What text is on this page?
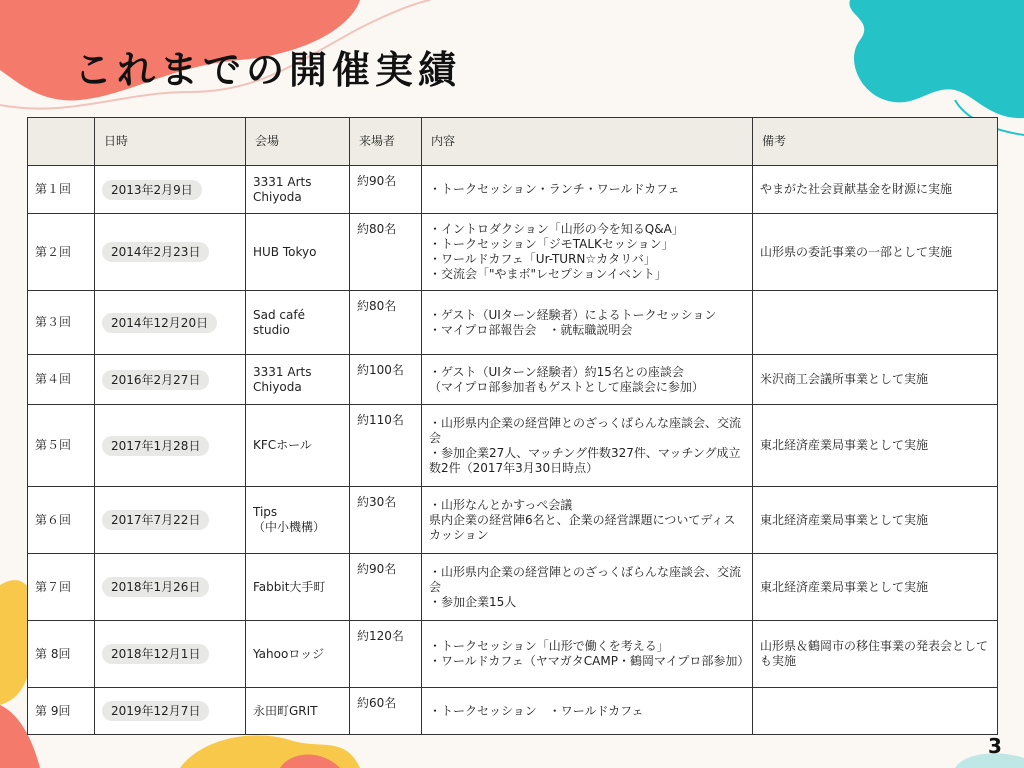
これまでの開催実績
	日時	会場	来場者	内容	備考
第１回	2013年2月9日	3331 Arts Chiyoda	約90名	・トークセッション・ランチ・ワールドカフェ	やまがた社会貢献基金を財源に実施
第２回	2014年2月23日	HUB Tokyo	約80名	・イントロダクション「山形の今を知るQ&A」
・トークセッション「ジモTALKセッション」
・ワールドカフェ「Ur-TURN☆カタリバ」
・交流会「"やまボ"レセプションイベント」	山形県の委託事業の一部として実施
第３回	2014年12月20日	Sad café studio	約80名	・ゲスト（UIターン経験者）によるトークセッション
・マイプロ部報告会　・就転職説明会	

第４回	2016年2月27日	3331 Arts Chiyoda	約100名	・ゲスト（UIターン経験者）約15名との座談会
（マイプロ部参加者もゲストとして座談会に参加）	米沢商工会議所事業として実施
第５回	2017年1月28日	KFCホール	約110名	・山形県内企業の経営陣とのざっくばらんな座談会、交流会
・参加企業27人、マッチング件数327件、マッチング成立数2件（2017年3月30日時点）	東北経済産業局事業として実施
第６回	2017年7月22日	Tips
（中小機構）	約30名	・山形なんとかすっぺ会議
県内企業の経営陣6名と、企業の経営課題についてディスカッション	東北経済産業局事業として実施
第７回	2018年1月26日	Fabbit大手町	約90名	・山形県内企業の経営陣とのざっくばらんな座談会、交流会
・参加企業15人	東北経済産業局事業として実施
第 8回	2018年12月1日	Yahooロッジ	約120名	・トークセッション「山形で働くを考える」
・ワールドカフェ（ヤマガタCAMP・鶴岡マイプロ部参加）	山形県＆鶴岡市の移住事業の発表会としても実施
第 9回	2019年12月7日	永田町GRIT	約60名	・トークセッション　・ワールドカフェ	

3
